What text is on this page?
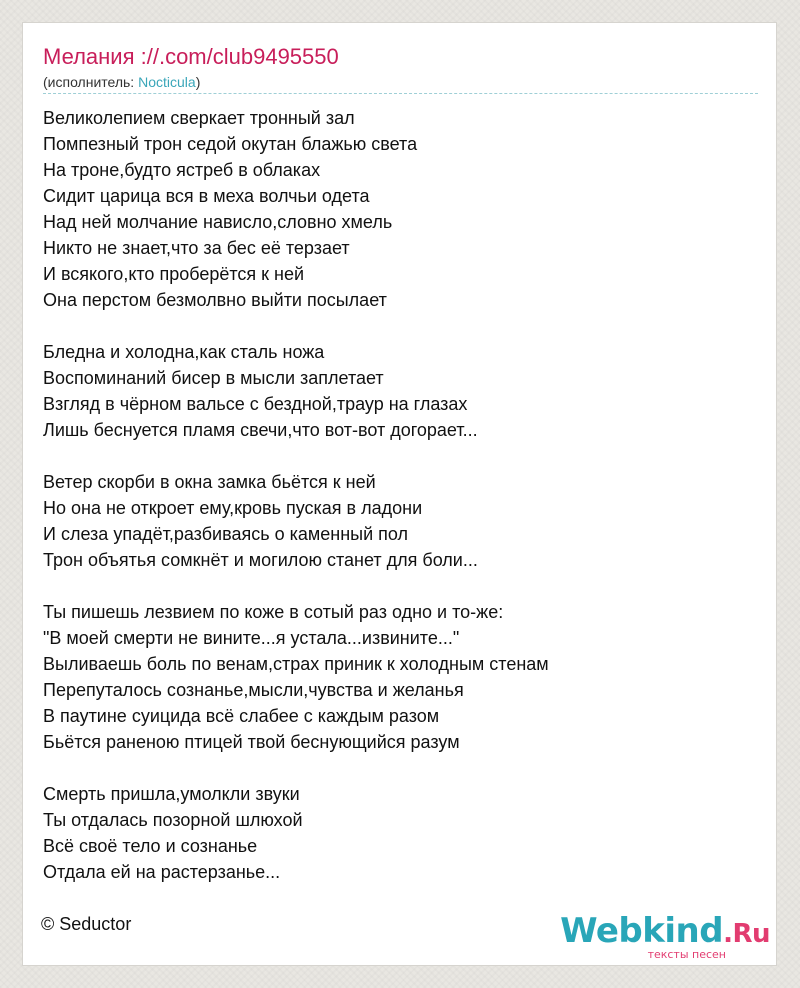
Мелания ://.com/club9495550
(исполнитель: Nocticula)
Великолепием сверкает тронный зал
Помпезный трон седой окутан блажью света
На троне,будто ястреб в облаках
Сидит царица вся в меха волчьи одета
Над ней молчание нависло,словно хмель
Никто не знает,что за бес её терзает
И всякого,кто проберётся к ней
Она перстом безмолвно выйти посылает
Бледна и холодна,как сталь ножа
Воспоминаний бисер в мысли заплетает
Взгляд в чёрном вальсе с бездной,траур на глазах
Лишь беснуется пламя свечи,что вот-вот догорает...
Ветер скорби в окна замка бьётся к ней
Но она не откроет ему,кровь пуская в ладони
И слеза упадёт,разбиваясь о каменный пол
Трон объятья сомкнёт и могилою станет для боли...
Ты пишешь лезвием по коже в сотый раз одно и то-же:
"В моей смерти не вините...я устала...извините..."
Выливаешь боль по венам,страх приник к холодным стенам
Перепуталось сознанье,мысли,чувства и желанья
В паутине суицида всё слабее с каждым разом
Бьётся раненою птицей твой беснующийся разум
Смерть пришла,умолкли звуки
Ты отдалась позорной шлюхой
Всё своё тело и сознанье
Отдала ей на растерзанье...
© Seductor	Webkind.Ru
тексты песен
